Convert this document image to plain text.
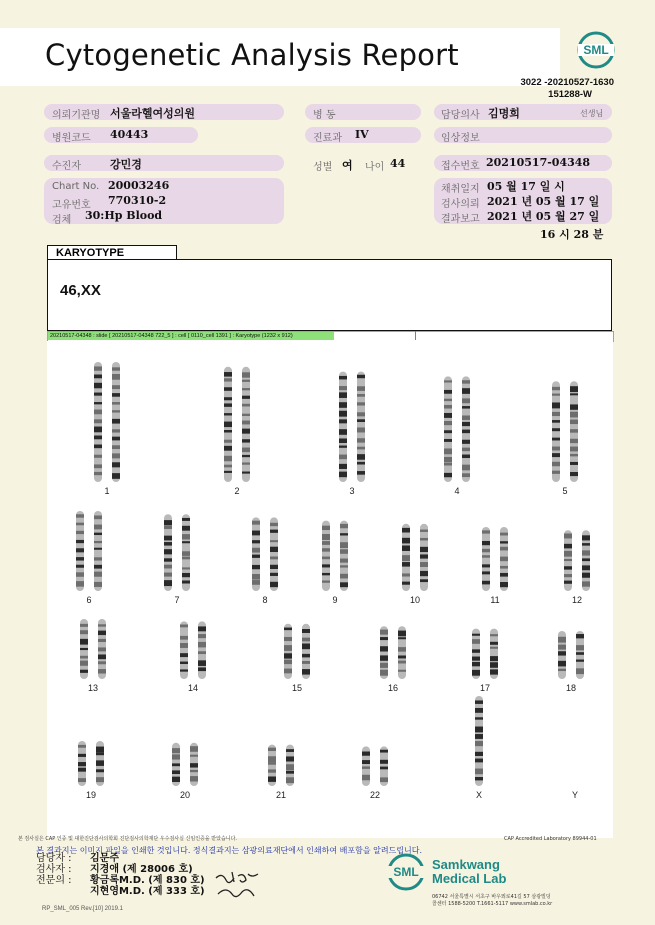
Cytogenetic Analysis Report	SML
3022 -20210527-1630
151288-W
의뢰기관명 서울라헬여성의원	병 동	담당의사 김명희	선생님
병원코드 40443	진료과 IV	임상정보
수진자	강민경	성별 여 나이 44	접수번호 20210517-04348
Chart No. 20003246
고유번호 770310-2
검체 30:Hp Blood
채취일지 05 월 17 일 시
검사의뢰 2021 년 05 월 17 일
결과보고 2021 년 05 월 27 일
16 시 28 분
KARYOTYPE
46,XX
20210517-04348 : slide [ 20210517-04348 722_5 ] : cell [ 0110_cell 1391 ] : Karyotype (1232 x 912)
1	2	3	4	5
6	7	8	9	10	11	12
13	14	15	16	17	18
19	20	21	22	X	Y
본 검사실은 CAP 인증 및 대한진단검사의학회 진단검사의학재단 우수검사실 신임인증을 받았습니다.	CAP Accredited Laboratory 89944-01
본 결과지는 이미지 파일을 인쇄한 것입니다. 정식결과지는 삼광의료재단에서 인쇄하여 배포함을 알려드립니다.
담당자 : 김문주
검사자 : 지경애 (제 28006 호)
전문의 : 황금록M.D. (제 830 호)
지현영M.D. (제 333 호)
SML Samkwang
Medical Lab
06742 서울특별시 서초구 바우뫼로41길 57 삼광빌딩
콜센터 1588-5200 T.1661-5117 www.smlab.co.kr
RP_SML_005 Rev.[10] 2019.1
